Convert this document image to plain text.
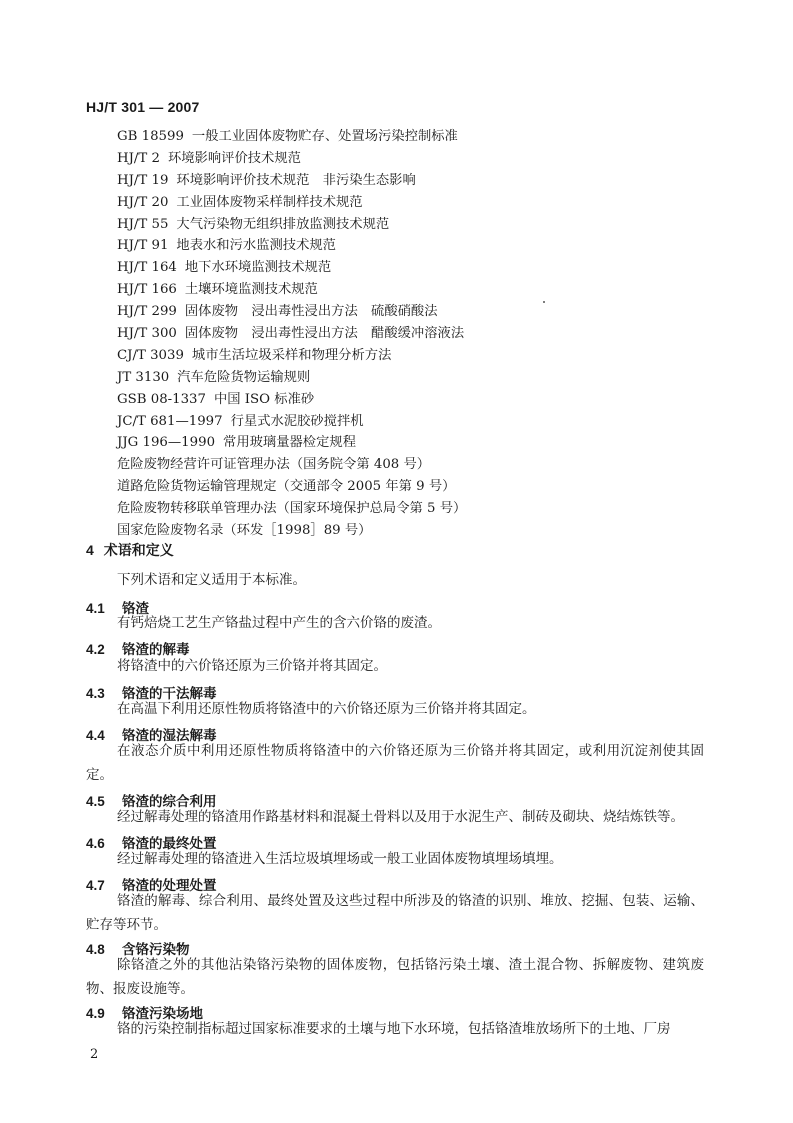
HJ/T 301 — 2007
GB 18599 一般工业固体废物贮存、处置场污染控制标准
HJ/T 2 环境影响评价技术规范
HJ/T 19 环境影响评价技术规范　非污染生态影响
HJ/T 20 工业固体废物采样制样技术规范
HJ/T 55 大气污染物无组织排放监测技术规范
HJ/T 91 地表水和污水监测技术规范
HJ/T 164 地下水环境监测技术规范
HJ/T 166 土壤环境监测技术规范
HJ/T 299 固体废物　浸出毒性浸出方法　硫酸硝酸法
HJ/T 300 固体废物　浸出毒性浸出方法　醋酸缓冲溶液法
CJ/T 3039 城市生活垃圾采样和物理分析方法
JT 3130 汽车危险货物运输规则
GSB 08-1337 中国 ISO 标准砂
JC/T 681—1997 行星式水泥胶砂搅拌机
JJG 196—1990 常用玻璃量器检定规程
危险废物经营许可证管理办法（国务院令第 408 号）
道路危险货物运输管理规定（交通部令 2005 年第 9 号）
危险废物转移联单管理办法（国家环境保护总局令第 5 号）
国家危险废物名录（环发［1998］89 号）
4 术语和定义
下列术语和定义适用于本标准。
4.1 铬渣
有钙焙烧工艺生产铬盐过程中产生的含六价铬的废渣。
4.2 铬渣的解毒
将铬渣中的六价铬还原为三价铬并将其固定。
4.3 铬渣的干法解毒
在高温下利用还原性物质将铬渣中的六价铬还原为三价铬并将其固定。
4.4 铬渣的湿法解毒
在液态介质中利用还原性物质将铬渣中的六价铬还原为三价铬并将其固定，或利用沉淀剂使其固定。
4.5 铬渣的综合利用
经过解毒处理的铬渣用作路基材料和混凝土骨料以及用于水泥生产、制砖及砌块、烧结炼铁等。
4.6 铬渣的最终处置
经过解毒处理的铬渣进入生活垃圾填埋场或一般工业固体废物填埋场填埋。
4.7 铬渣的处理处置
铬渣的解毒、综合利用、最终处置及这些过程中所涉及的铬渣的识别、堆放、挖掘、包装、运输、贮存等环节。
4.8 含铬污染物
除铬渣之外的其他沾染铬污染物的固体废物，包括铬污染土壤、渣土混合物、拆解废物、建筑废物、报废设施等。
4.9 铬渣污染场地
铬的污染控制指标超过国家标准要求的土壤与地下水环境，包括铬渣堆放场所下的土地、厂房
2
